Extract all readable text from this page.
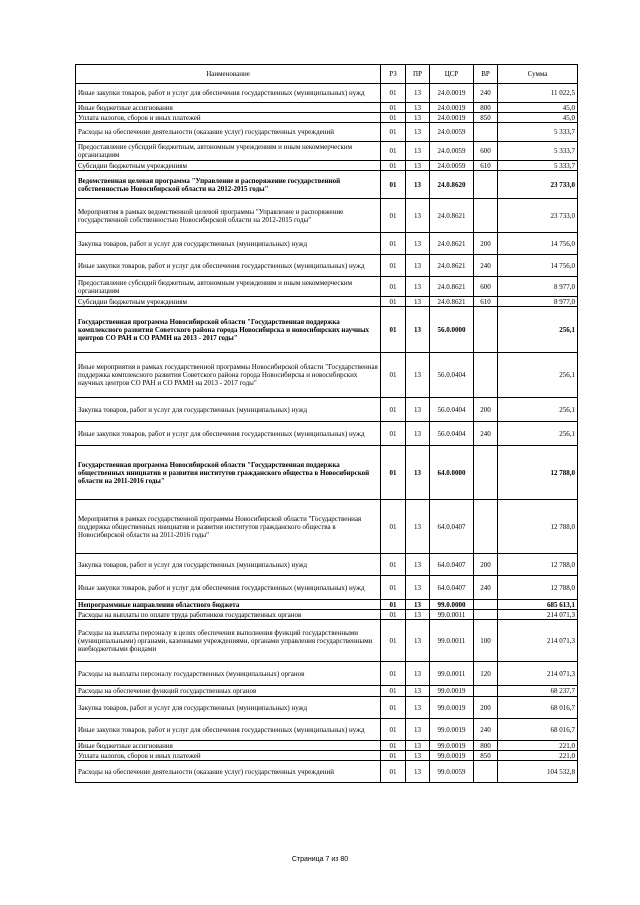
Наименование	РЗ	ПР	ЦСР	ВР	Сумма
Иные закупки товаров, работ и услуг для обеспечения государственных (муниципальных) нужд	01	13	24.0.0019	240	11 022,5
Иные бюджетные ассигнования	01	13	24.0.0019	800	45,0
Уплата налогов, сборов и иных платежей	01	13	24.0.0019	850	45,0
Расходы на обеспечение деятельности (оказание услуг) государственных учреждений	01	13	24.0.0059		5 333,7
Предоставление субсидий бюджетным, автономным учреждениям и иным некоммерческим организациям	01	13	24.0.0059	600	5 333,7
Субсидии бюджетным учреждениям	01	13	24.0.0059	610	5 333,7
Ведомственная целевая программа "Управление и распоряжение государственной собственностью Новосибирской области на 2012-2015 годы"	01	13	24.0.8620		23 733,0
Мероприятия в рамках ведомственной целевой программы "Управление и распоряжение государственной собственностью Новосибирской области на 2012-2015 годы"	01	13	24.0.8621		23 733,0
Закупка товаров, работ и услуг для государственных (муниципальных) нужд	01	13	24.0.8621	200	14 756,0
Иные закупки товаров, работ и услуг для обеспечения государственных (муниципальных) нужд	01	13	24.0.8621	240	14 756,0
Предоставление субсидий бюджетным, автономным учреждениям и иным некоммерческим организациям	01	13	24.0.8621	600	8 977,0
Субсидии бюджетным учреждениям	01	13	24.0.8621	610	8 977,0
Государственная программа Новосибирской области "Государственная поддержка комплексного развития Советского района города Новосибирска и новосибирских научных центров СО РАН и СО РАМН на 2013 - 2017 годы"	01	13	56.0.0000		256,1
Иные мероприятия в рамках государственной программы Новосибирской области "Государственная поддержка комплексного развития Советского района города Новосибирска и новосибирских научных центров СО РАН и СО РАМН на 2013 - 2017 годы"	01	13	56.0.0404		256,1
Закупка товаров, работ и услуг для государственных (муниципальных) нужд	01	13	56.0.0404	200	256,1
Иные закупки товаров, работ и услуг для обеспечения государственных (муниципальных) нужд	01	13	56.0.0404	240	256,1
Государственная программа Новосибирской области "Государственная поддержка общественных инициатив и развития институтов гражданского общества в Новосибирской области на 2011-2016 годы"	01	13	64.0.0000		12 788,0
Мероприятия в рамках государственной программы Новосибирской области "Государственная поддержка общественных инициатив и развития институтов гражданского общества в Новосибирской области на 2011-2016 годы"	01	13	64.0.0407		12 788,0
Закупка товаров, работ и услуг для государственных (муниципальных) нужд	01	13	64.0.0407	200	12 788,0
Иные закупки товаров, работ и услуг для обеспечения государственных (муниципальных) нужд	01	13	64.0.0407	240	12 788,0
Непрограммные направления областного бюджета	01	13	99.0.0000		685 613,1
Расходы на выплаты по оплате труда работников государственных органов	01	13	99.0.0011		214 071,3
Расходы на выплаты персоналу в целях обеспечения выполнения функций государственными (муниципальными) органами, казенными учреждениями, органами управления государственными внебюджетными фондами	01	13	99.0.0011	100	214 071,3
Расходы на выплаты персоналу государственных (муниципальных) органов	01	13	99.0.0011	120	214 071,3
Расходы на обеспечение функций государственных органов	01	13	99.0.0019		68 237,7
Закупка товаров, работ и услуг для государственных (муниципальных) нужд	01	13	99.0.0019	200	68 016,7
Иные закупки товаров, работ и услуг для обеспечения государственных (муниципальных) нужд	01	13	99.0.0019	240	68 016,7
Иные бюджетные ассигнования	01	13	99.0.0019	800	221,0
Уплата налогов, сборов и иных платежей	01	13	99.0.0019	850	221,0
Расходы на обеспечение деятельности (оказание услуг) государственных учреждений	01	13	99.0.0059		104 532,8
Страница 7 из 80
